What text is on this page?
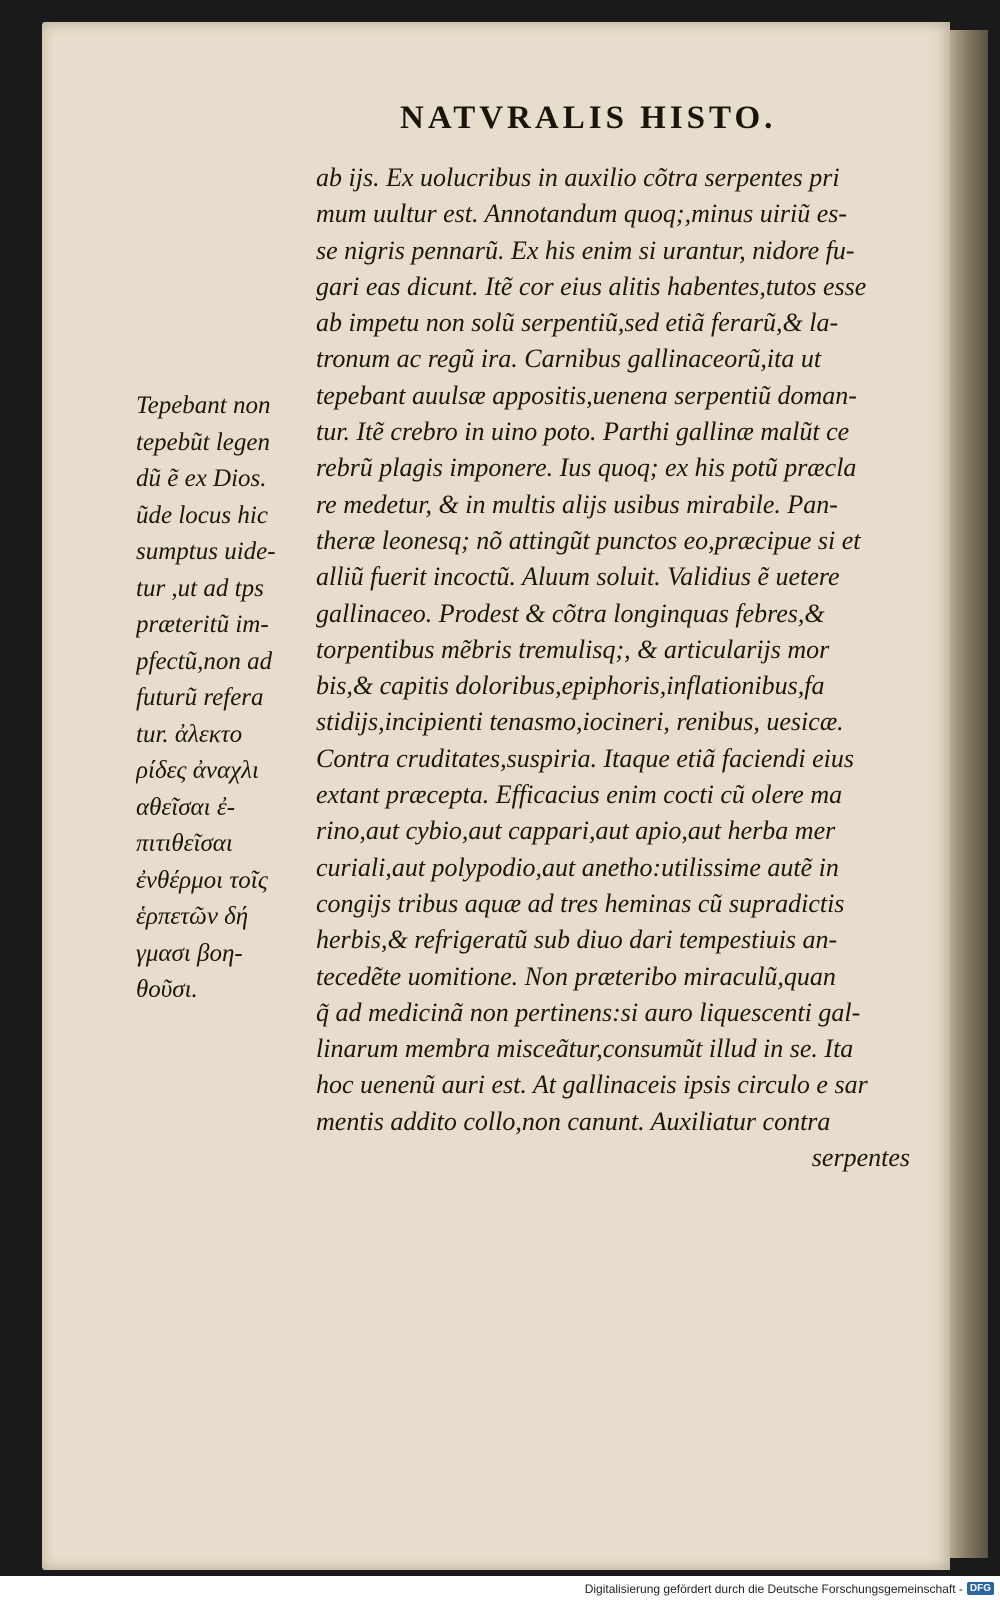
NATVRALIS HISTO.
ab ijs. Ex uolucribus in auxilio cõtra serpentes pri
mum uultur est. Annotandum quoq;,minus uiriũ es-
se nigris pennarũ. Ex his enim si urantur, nidore fu-
gari eas dicunt. Itẽ cor eius alitis habentes,tutos esse
ab impetu non solũ serpentiũ,sed etiã ferarũ,& la-
tronum ac regũ ira. Carnibus gallinaceorũ,ita ut
tepebant auulsæ appositis,uenena serpentiũ doman-
tur. Itẽ crebro in uino poto. Parthi gallinæ malũt ce
rebrũ plagis imponere. Ius quoq; ex his potũ præcla
re medetur, & in multis alijs usibus mirabile. Pan-
theræ leonesq; nõ attingũt punctos eo,præcipue si et
alliũ fuerit incoctũ. Aluum soluit. Validius ẽ uetere
gallinaceo. Prodest & cõtra longinquas febres,&
torpentibus mẽbris tremulisq;, & articularijs mor
bis,& capitis doloribus,epiphoris,inflationibus,fa
stidijs,incipienti tenasmo,iocineri, renibus, uesicæ.
Contra cruditates,suspiria. Itaque etiã faciendi eius
extant præcepta. Efficacius enim cocti cũ olere ma
rino,aut cybio,aut cappari,aut apio,aut herba mer
curiali,aut polypodio,aut anetho:utilissime autẽ in
congijs tribus aquæ ad tres heminas cũ supradictis
herbis,& refrigeratũ sub diuo dari tempestiuis an-
tecedẽte uomitione. Non præteribo miraculũ,quan
q̃ ad medicinã non pertinens:si auro liquescenti gal-
linarum membra misceãtur,consumũt illud in se. Ita
hoc uenenũ auri est. At gallinaceis ipsis circulo e sar
mentis addito collo,non canunt. Auxiliatur contra
serpentes
Tepebant non
tepebũt legen
dũ ẽ ex Dios.
ũde locus hic
sumptus uide-
tur ,ut ad tps
præteritũ im-
pfectũ,non ad
futurũ refera
tur. ἀλεκτο
ρίδες ἀναχλι
αθεῖσαι ἐ-
πιτιθεῖσαι
ἐνθέρμοι τοῖς
ἑρπετῶν δή
γμασι βοη-
θοῦσι.
Digitalisierung gefördert durch die Deutsche Forschungsgemeinschaft - DFG
